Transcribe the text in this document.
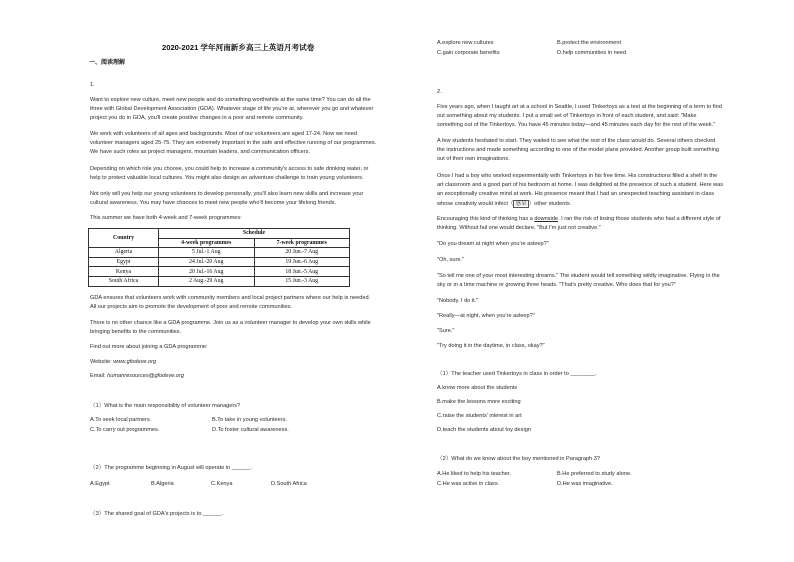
2020-2021 学年河南新乡高三上英语月考试卷
一、阅读理解
1.
Want to explore new culture, meet new people and do something worthwhile at the same time? You can do all the
three with Global Development Association (GDA). Whatever stage of life you're at, wherever you go and whatever
project you do in GDA, you'll create positive changes in a poor and remote community.
We work with volunteers of all ages and backgrounds. Most of our volunteers are aged 17-24. Now we need
volunteer managers aged 25-75. They are extremely important in the safe and effective running of our programmes.
We have such roles as project managers, mountain leaders, and communication officers.
Depending on which role you choose, you could help to increase a community's access to safe drinking water, or
help to protect valuable local cultures. You might also design an adventure challenge to train young volunteers.
Not only will you help our young volunteers to develop personally, you'll also learn new skills and increase your
cultural awareness. You may have chances to meet new people who'll become your lifelong friends.
This summer we have both 4-week and 7-week programmes:
Country	Schedule	
	4-week programmes	7-week programmes
Algeria	5 Jul.-1 Aug	20 Jun.-7 Aug
Egypt	24 Jul.-20 Aug	19 Jun.-6 Aug
Kenya	20 Jul.-16 Aug	18 Jun.-5 Aug
South Africa	2 Aug.-29 Aug	15 Jun.-3 Aug
GDA ensures that volunteers work with community members and local project partners where our help is needed.
All our projects aim to promote the development of poor and remote communities.
There is no other chance like a GDA programme. Join us as a volunteer manager to develop your own skills while
bringing benefits to the communities.
Find out more about joining a GDA programme:
Website: www.gfodeve.org
Email: humanresources@gfodeve.org
（1）What is the main responsibility of volunteer managers?
A.To seek local partners.	B.To take in young volunteers.
C.To carry out programmes.	D.To foster cultural awareness.
（2）The programme beginning in August will operate in ______.
A.Egypt	B.Algeria	C.Kenya	D.South Africa
（3）The shared goal of GDA's projects is to ______.
A.explore new cultures	B.protect the environment
C.gain corporate benefits	D.help communities in need
2.
Five years ago, when I taught art at a school in Seattle, I used Tinkertoys as a test at the beginning of a term to find
out something about my students. I put a small set of Tinkertoys in front of each student, and said: "Make
something out of the Tinkertoys. You have 45 minutes today—and 45 minutes each day for the rest of the week."
A few students hesitated to start. They waited to see what the rest of the class would do. Several others checked
the instructions and made something according to one of the model plans provided. Another group built something
out of their own imaginations.
Once I had a boy who worked experimentally with Tinkertoys in his free time. His constructions filled a shelf in the
art classroom and a good part of his bedroom at home. I was delighted at the presence of such a student. Here was
an exceptionally creative mind at work. His presence meant that I had an unexpected teaching assistant in class
whose creativity would infect（ 感染 ）other students.
Encouraging this kind of thinking has a downside. I ran the risk of losing those students who had a different style of
thinking. Without fail one would declare, "But I'm just not creative."
"Do you dream at night when you're asleep?"
"Oh, sure."
"So tell me one of your most interesting dreams." The student would tell something wildly imaginative. Flying in the
sky or in a time machine or growing three heads. "That's pretty creative. Who does that for you?"
"Nobody. I do it."
"Really—at night, when you're asleep?"
"Sure."
"Try doing it in the daytime, in class, okay?"
（1）The teacher used Tinkertoys in class in order to ________.
A.know more about the students
B.make the lessons more exciting
C.raise the students' interest in art
D.teach the students about toy design
（2）What do we know about the boy mentioned in Paragraph 3?
A.He liked to help his teacher.	B.He preferred to study alone.
C.He was active in class.	D.He was imaginative.
